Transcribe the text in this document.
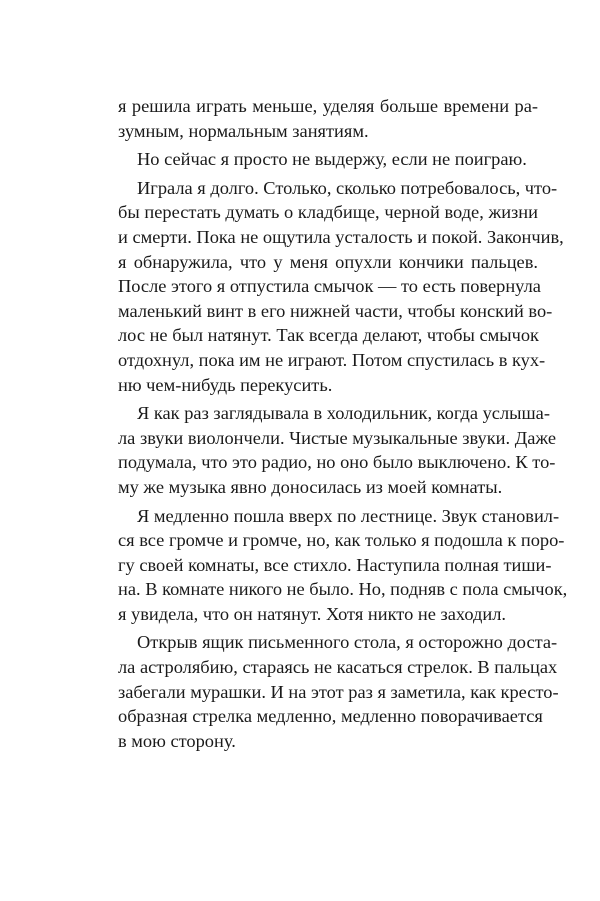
я решила играть меньше, уделяя больше времени ра-
зумным, нормальным занятиям.

Но сейчас я просто не выдержу, если не поиграю.

Играла я долго. Столько, сколько потребовалось, что-
бы перестать думать о кладбище, черной воде, жизни
и смерти. Пока не ощутила усталость и покой. Закончив,
я обнаружила, что у меня опухли кончики пальцев.
После этого я отпустила смычок — то есть повернула
маленький винт в его нижней части, чтобы конский во-
лос не был натянут. Так всегда делают, чтобы смычок
отдохнул, пока им не играют. Потом спустилась в кух-
ню чем-нибудь перекусить.

Я как раз заглядывала в холодильник, когда услыша-
ла звуки виолончели. Чистые музыкальные звуки. Даже
подумала, что это радио, но оно было выключено. К то-
му же музыка явно доносилась из моей комнаты.

Я медленно пошла вверх по лестнице. Звук становил-
ся все громче и громче, но, как только я подошла к поро-
гу своей комнаты, все стихло. Наступила полная тиши-
на. В комнате никого не было. Но, подняв с пола смычок,
я увидела, что он натянут. Хотя никто не заходил.

Открыв ящик письменного стола, я осторожно доста-
ла астролябию, стараясь не касаться стрелок. В пальцах
забегали мурашки. И на этот раз я заметила, как кресто-
образная стрелка медленно, медленно поворачивается
в мою сторону.
